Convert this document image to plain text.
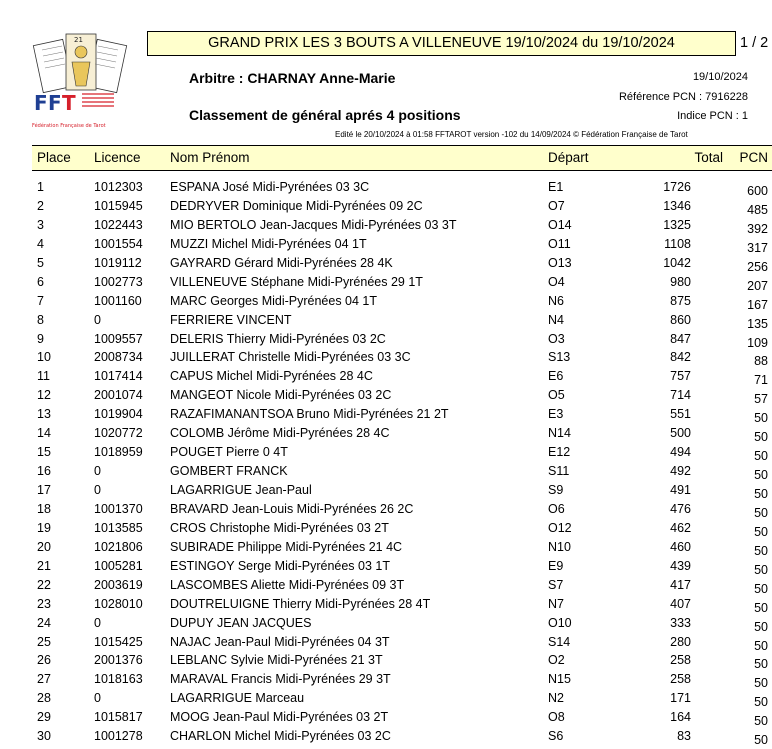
21
F F T
Fédération Française de Tarot
GRAND PRIX LES 3 BOUTS A VILLENEUVE 19/10/2024 du 19/10/2024	1 / 2
Arbitre : CHARNAY Anne-Marie
Classement de général aprés 4 positions
19/10/2024
Référence PCN : 7916228
Indice PCN : 1
Edité le 20/10/2024 à 01:58 FFTAROT version -102 du 14/09/2024 © Fédération Française de Tarot
Place Licence Nom Prénom	Départ	Total PCN
1	1012303 ESPANA José Midi-Pyrénées 03 3C	E1	1726	600
2	1015945 DEDRYVER Dominique Midi-Pyrénées 09 2C	O7	1346	485
3	1022443 MIO BERTOLO Jean-Jacques Midi-Pyrénées 03 3T	O14	1325	392
4	1001554 MUZZI Michel Midi-Pyrénées 04 1T	O11	1108	317
5	1019112 GAYRARD Gérard Midi-Pyrénées 28 4K	O13	1042	256
6	1002773 VILLENEUVE Stéphane Midi-Pyrénées 29 1T	O4	980	207
7	1001160 MARC Georges Midi-Pyrénées 04 1T	N6	875	167
8	0	FERRIERE VINCENT	N4	860	135
9	1009557 DELERIS Thierry Midi-Pyrénées 03 2C	O3	847	109
10	2008734 JUILLERAT Christelle Midi-Pyrénées 03 3C	S13	842	88
11	1017414 CAPUS Michel Midi-Pyrénées 28 4C	E6	757	71
12	2001074 MANGEOT Nicole Midi-Pyrénées 03 2C	O5	714	57
13	1019904 RAZAFIMANANTSOA Bruno Midi-Pyrénées 21 2T	E3	551	50
14	1020772 COLOMB Jérôme Midi-Pyrénées 28 4C	N14	500	50
15	1018959 POUGET Pierre 0 4T	E12	494	50
16	0	GOMBERT FRANCK	S11	492	50
17	0	LAGARRIGUE Jean-Paul	S9	491	50
18	1001370 BRAVARD Jean-Louis Midi-Pyrénées 26 2C	O6	476	50
19	1013585 CROS Christophe Midi-Pyrénées 03 2T	O12	462	50
20	1021806 SUBIRADE Philippe Midi-Pyrénées 21 4C	N10	460	50
21	1005281 ESTINGOY Serge Midi-Pyrénées 03 1T	E9	439	50
22	2003619 LASCOMBES Aliette Midi-Pyrénées 09 3T	S7	417	50
23	1028010 DOUTRELUIGNE Thierry Midi-Pyrénées 28 4T	N7	407	50
24	0	DUPUY JEAN JACQUES	O10	333	50
25	1015425 NAJAC Jean-Paul Midi-Pyrénées 04 3T	S14	280	50
26	2001376 LEBLANC Sylvie Midi-Pyrénées 21 3T	O2	258	50
27	1018163 MARAVAL Francis Midi-Pyrénées 29 3T	N15	258	50
28	0	LAGARRIGUE Marceau	N2	171	50
29	1015817 MOOG Jean-Paul Midi-Pyrénées 03 2T	O8	164	50
30	1001278 CHARLON Michel Midi-Pyrénées 03 2C	S6	83	50
